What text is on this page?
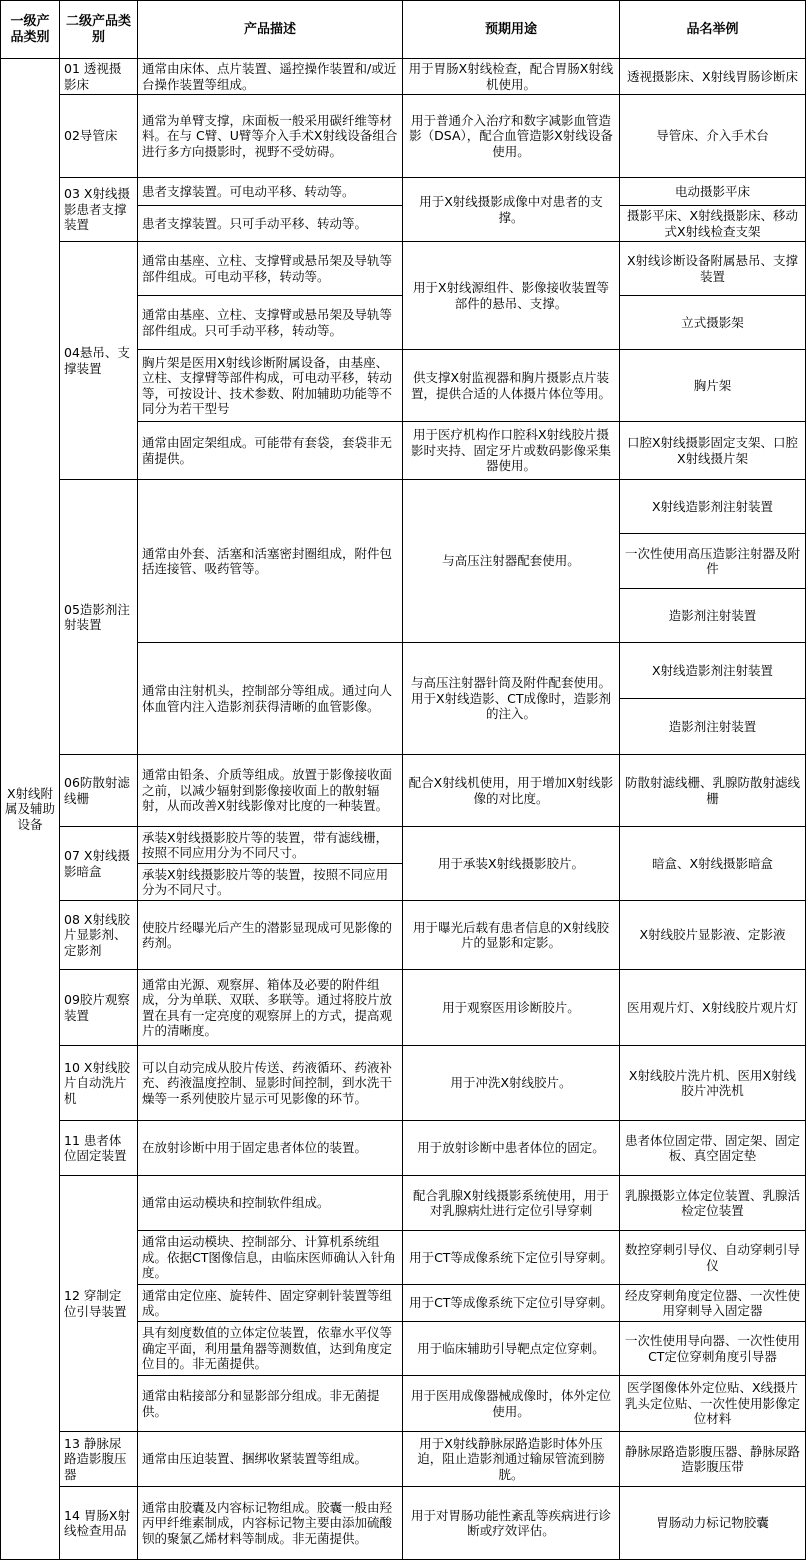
一级产品类别
二级产品类别
产品描述	预期用途	品名举例
X射线附属及辅助设备
01 透视摄影床
02导管床
03 X射线摄影患者支撑装置
04悬吊、支撑装置
05造影剂注射装置
06防散射滤线栅
07 X射线摄影暗盒
08 X射线胶片显影剂、定影剂
09胶片观察装置
10 X射线胶片自动洗片机
11 患者体位固定装置
12 穿制定位引导装置
13 静脉尿路造影腹压器
14 胃肠X射线检查用品
通常由床体、点片装置、遥控操作装置和/或近台操作装置等组成。
通常为单臂支撑，床面板一般采用碳纤维等材料。在与 C臂、U臂等介入手术X射线设备组合进行多方向摄影时，视野不受妨碍。
患者支撑装置。可电动平移、转动等。
患者支撑装置。只可手动平移、转动等。
通常由基座、立柱、支撑臂或悬吊架及导轨等部件组成。可电动平移，转动等。
通常由基座、立柱、支撑臂或悬吊架及导轨等部件组成。只可手动平移，转动等。
胸片架是医用X射线诊断附属设备，由基座、立柱、支撑臂等部件构成，可电动平移，转动等，可按设计、技术参数、附加辅助功能等不同分为若干型号
通常由固定架组成。可能带有套袋，套袋非无菌提供。
通常由外套、活塞和活塞密封圈组成，附件包括连接管、吸药管等。
通常由注射机头，控制部分等组成。通过向人体血管内注入造影剂获得清晰的血管影像。
通常由铅条、介质等组成。放置于影像接收面之前，以减少辐射到影像接收面上的散射辐射，从而改善X射线影像对比度的一种装置。
承装X射线摄影胶片等的装置，带有滤线栅，按照不同应用分为不同尺寸。
承装X射线摄影胶片等的装置，按照不同应用分为不同尺寸。
使胶片经曝光后产生的潜影显现成可见影像的药剂。
通常由光源、观察屏、箱体及必要的附件组成，分为单联、双联、多联等。通过将胶片放置在具有一定亮度的观察屏上的方式，提高观片的清晰度。
可以自动完成从胶片传送、药液循环、药液补充、药液温度控制、显影时间控制，到水洗干燥等一系列使胶片显示可见影像的环节。
在放射诊断中用于固定患者体位的装置。
通常由运动模块和控制软件组成。
通常由运动模块、控制部分、计算机系统组成。依据CT图像信息，由临床医师确认入针角度。
通常由定位座、旋转件、固定穿刺针装置等组成。
具有刻度数值的立体定位装置，依靠水平仪等确定平面，利用量角器等测数值，达到角度定位目的。非无菌提供。
通常由粘接部分和显影部分组成。非无菌提供。
通常由压迫装置、捆绑收紧装置等组成。
通常由胶囊及内容标记物组成。胶囊一般由羟丙甲纤维素制成，内容标记物主要由添加硫酸钡的聚氯乙烯材料等制成。非无菌提供。
用于胃肠X射线检查，配合胃肠X射线机使用。
用于普通介入治疗和数字减影血管造影（DSA），配合血管造影X射线设备使用。
用于X射线摄影成像中对患者的支撑。
用于X射线源组件、影像接收装置等部件的悬吊、支撑。
供支撑X射监视器和胸片摄影点片装置，提供合适的人体摄片体位等用。
用于医疗机构作口腔科X射线胶片摄影时夹持、固定牙片或数码影像采集器使用。
与高压注射器配套使用。
与高压注射器针筒及附件配套使用。用于X射线造影、CT成像时，造影剂的注入。
配合X射线机使用，用于增加X射线影像的对比度。
用于承装X射线摄影胶片。
用于曝光后载有患者信息的X射线胶片的显影和定影。
用于观察医用诊断胶片。
用于冲洗X射线胶片。
用于放射诊断中患者体位的固定。
配合乳腺X射线摄影系统使用，用于对乳腺病灶进行定位引导穿刺
用于CT等成像系统下定位引导穿刺。
用于CT等成像系统下定位引导穿刺。
用于临床辅助引导靶点定位穿刺。
用于医用成像器械成像时，体外定位使用。
用于X射线静脉尿路造影时体外压迫，阻止造影剂通过输尿管流到膀胱。
用于对胃肠功能性紊乱等疾病进行诊断或疗效评估。
透视摄影床、X射线胃肠诊断床
导管床、介入手术台
电动摄影平床
摄影平床、X射线摄影床、移动式X射线检查支架
X射线诊断设备附属悬吊、支撑装置
立式摄影架
胸片架
口腔X射线摄影固定支架、口腔X射线摄片架
X射线造影剂注射装置
一次性使用高压造影注射器及附件
造影剂注射装置
X射线造影剂注射装置
造影剂注射装置
防散射滤线栅、乳腺防散射滤线栅
暗盒、X射线摄影暗盒
X射线胶片显影液、定影液
医用观片灯、X射线胶片观片灯
X射线胶片洗片机、医用X射线胶片冲洗机
患者体位固定带、固定架、固定板、真空固定垫
乳腺摄影立体定位装置、乳腺活检定位装置
数控穿刺引导仪、自动穿刺引导仪
经皮穿刺角度定位器、一次性使用穿刺导入固定器
一次性使用导向器、一次性使用CT定位穿刺角度引导器
医学图像体外定位贴、X线摄片乳头定位贴、一次性使用影像定位材料
静脉尿路造影腹压器、静脉尿路造影腹压带
胃肠动力标记物胶囊
